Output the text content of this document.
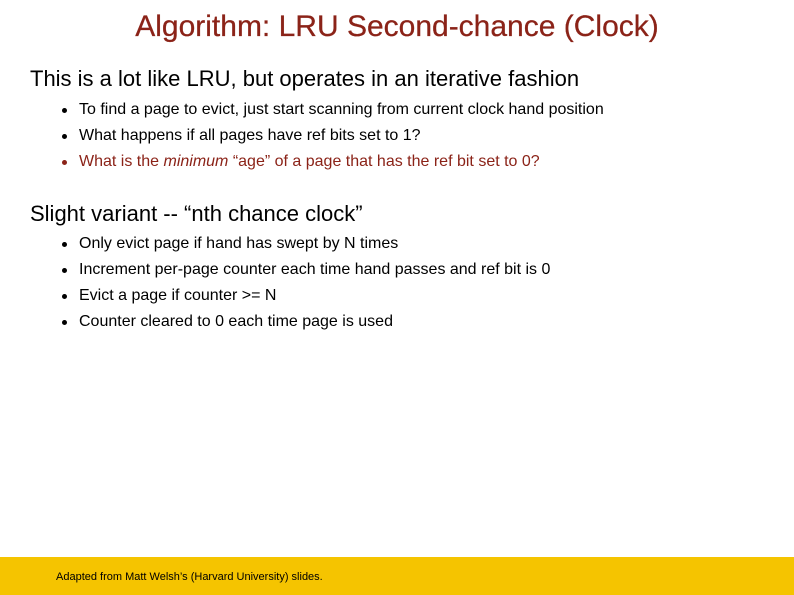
Algorithm: LRU Second-chance (Clock)

This is a lot like LRU, but operates in an iterative fashion

To find a page to evict, just start scanning from current clock hand position
What happens if all pages have ref bits set to 1?
What is the minimum “age” of a page that has the ref bit set to 0?

Slight variant -- “nth chance clock”

Only evict page if hand has swept by N times
Increment per-page counter each time hand passes and ref bit is 0
Evict a page if counter >= N
Counter cleared to 0 each time page is used
Adapted from Matt Welsh’s (Harvard University) slides.
